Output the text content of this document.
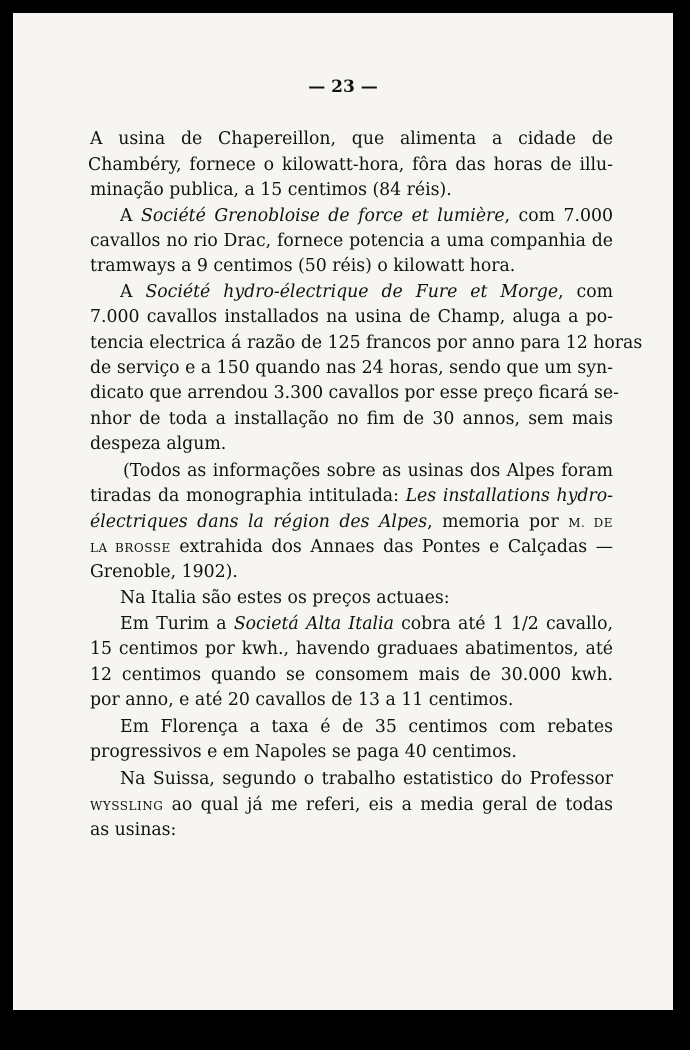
— 23 —
A usina de Chapereillon, que alimenta a cidade de
Chambéry, fornece o kilowatt-hora, fôra das horas de illu-
minação publica, a 15 centimos (84 réis).
A Société Grenobloise de force et lumière, com 7.000
cavallos no rio Drac, fornece potencia a uma companhia de
tramways a 9 centimos (50 réis) o kilowatt hora.
A Société hydro-électrique de Fure et Morge, com
7.000 cavallos installados na usina de Champ, aluga a po-
tencia electrica á razão de 125 francos por anno para 12 horas
de serviço e a 150 quando nas 24 horas, sendo que um syn-
dicato que arrendou 3.300 cavallos por esse preço ficará se-
nhor de toda a installação no fim de 30 annos, sem mais
despeza algum.
(Todos as informações sobre as usinas dos Alpes foram
tiradas da monographia intitulada: Les installations hydro-
électriques dans la région des Alpes, memoria por M. DE
LA BROSSE extrahida dos Annaes das Pontes e Calçadas —
Grenoble, 1902).
Na Italia são estes os preços actuaes:
Em Turim a Societá Alta Italia cobra até 1 1/2 cavallo,
15 centimos por kwh., havendo graduaes abatimentos, até
12 centimos quando se consomem mais de 30.000 kwh.
por anno, e até 20 cavallos de 13 a 11 centimos.
Em Florença a taxa é de 35 centimos com rebates
progressivos e em Napoles se paga 40 centimos.
Na Suissa, segundo o trabalho estatistico do Professor
WYSSLING ao qual já me referi, eis a media geral de todas
as usinas:
